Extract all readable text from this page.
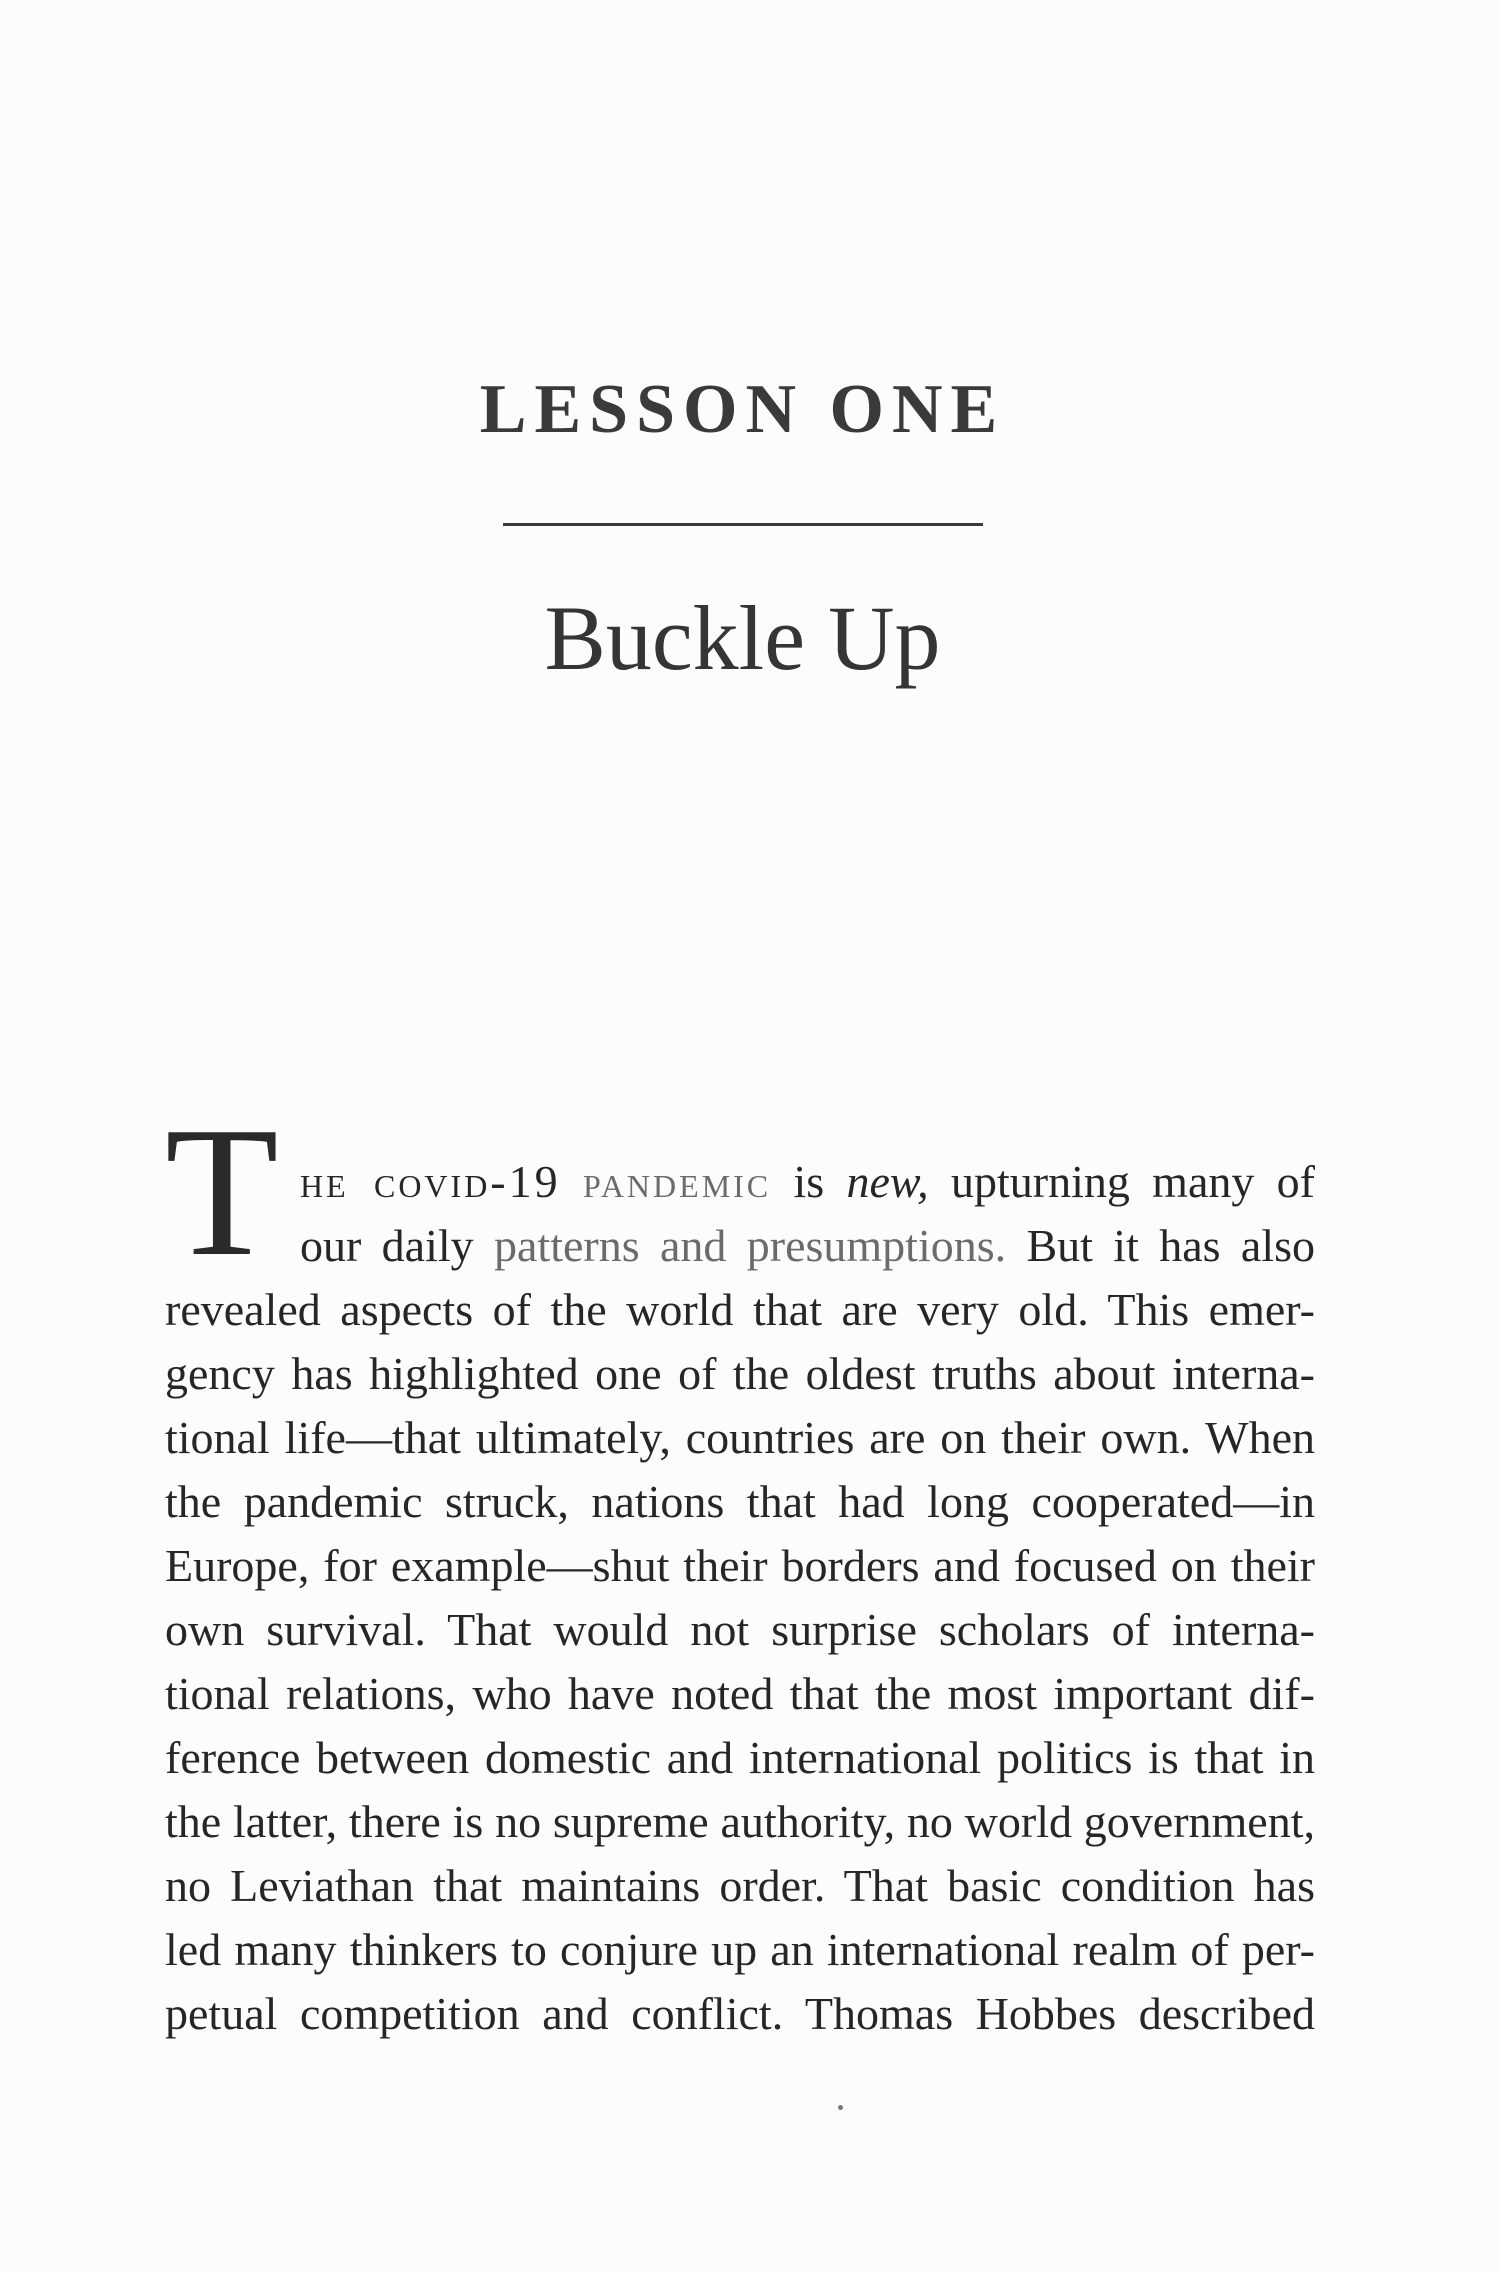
LESSON ONE
Buckle Up
T he covid-19 pandemic is new, upturning many of
our daily patterns and presumptions. But it has also
revealed aspects of the world that are very old. This emer-
gency has highlighted one of the oldest truths about interna-
tional life—that ultimately, countries are on their own. When
the pandemic struck, nations that had long cooperated—in
Europe, for example—shut their borders and focused on their
own survival. That would not surprise scholars of interna-
tional relations, who have noted that the most important dif-
ference between domestic and international politics is that in
the latter, there is no supreme authority, no world government,
no Leviathan that maintains order. That basic condition has
led many thinkers to conjure up an international realm of per-
petual competition and conflict. Thomas Hobbes described
